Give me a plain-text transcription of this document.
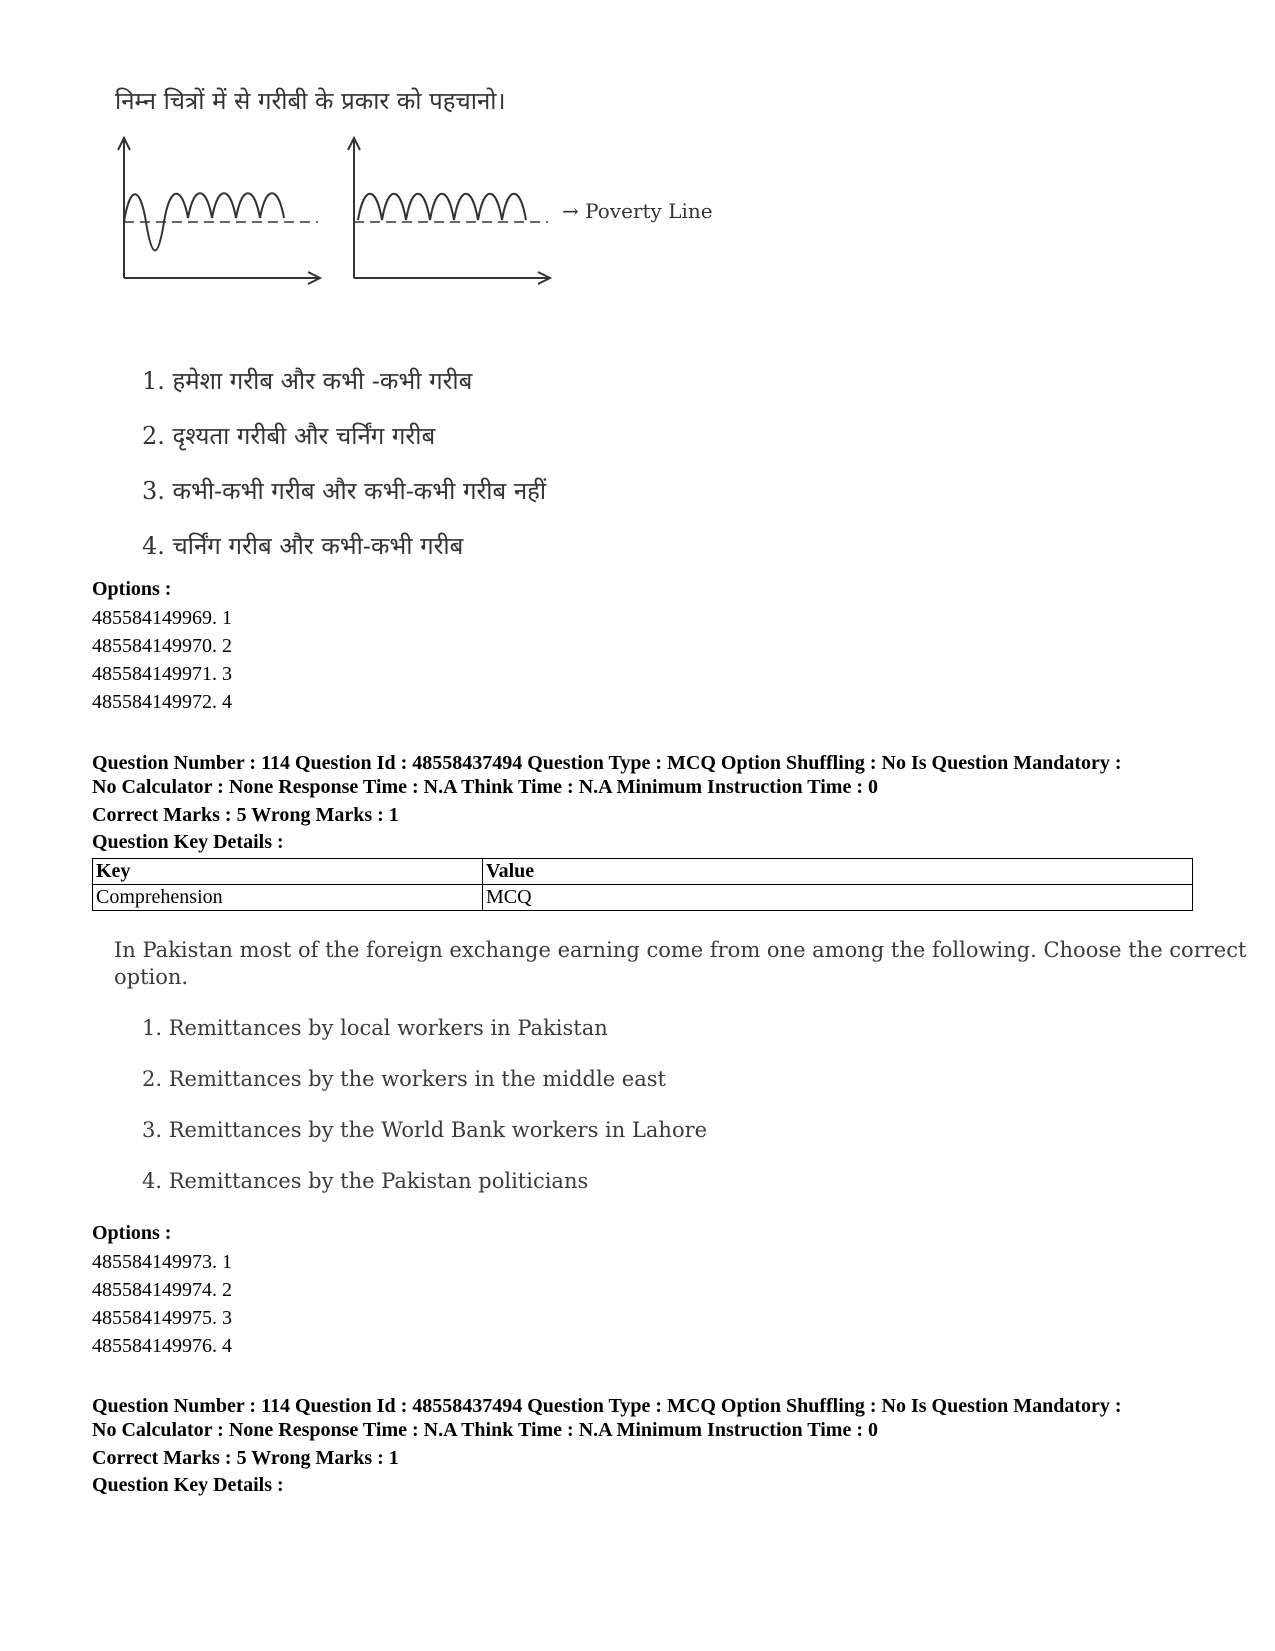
निम्न चित्रों में से गरीबी के प्रकार को पहचानो।
→ Poverty Line
1. हमेशा गरीब और कभी -कभी गरीब
2. दृश्यता गरीबी और चर्निंग गरीब
3. कभी-कभी गरीब और कभी-कभी गरीब नहीं
4. चर्निंग गरीब और कभी-कभी गरीब
Options :
485584149969. 1
485584149970. 2
485584149971. 3
485584149972. 4
Question Number : 114 Question Id : 48558437494 Question Type : MCQ Option Shuffling : No Is Question Mandatory :
No Calculator : None Response Time : N.A Think Time : N.A Minimum Instruction Time : 0
Correct Marks : 5 Wrong Marks : 1
Question Key Details :
Key	Value
Comprehension	MCQ
In Pakistan most of the foreign exchange earning come from one among the following. Choose the correct
option.
1. Remittances by local workers in Pakistan
2. Remittances by the workers in the middle east
3. Remittances by the World Bank workers in Lahore
4. Remittances by the Pakistan politicians
Options :
485584149973. 1
485584149974. 2
485584149975. 3
485584149976. 4
Question Number : 114 Question Id : 48558437494 Question Type : MCQ Option Shuffling : No Is Question Mandatory :
No Calculator : None Response Time : N.A Think Time : N.A Minimum Instruction Time : 0
Correct Marks : 5 Wrong Marks : 1
Question Key Details :
